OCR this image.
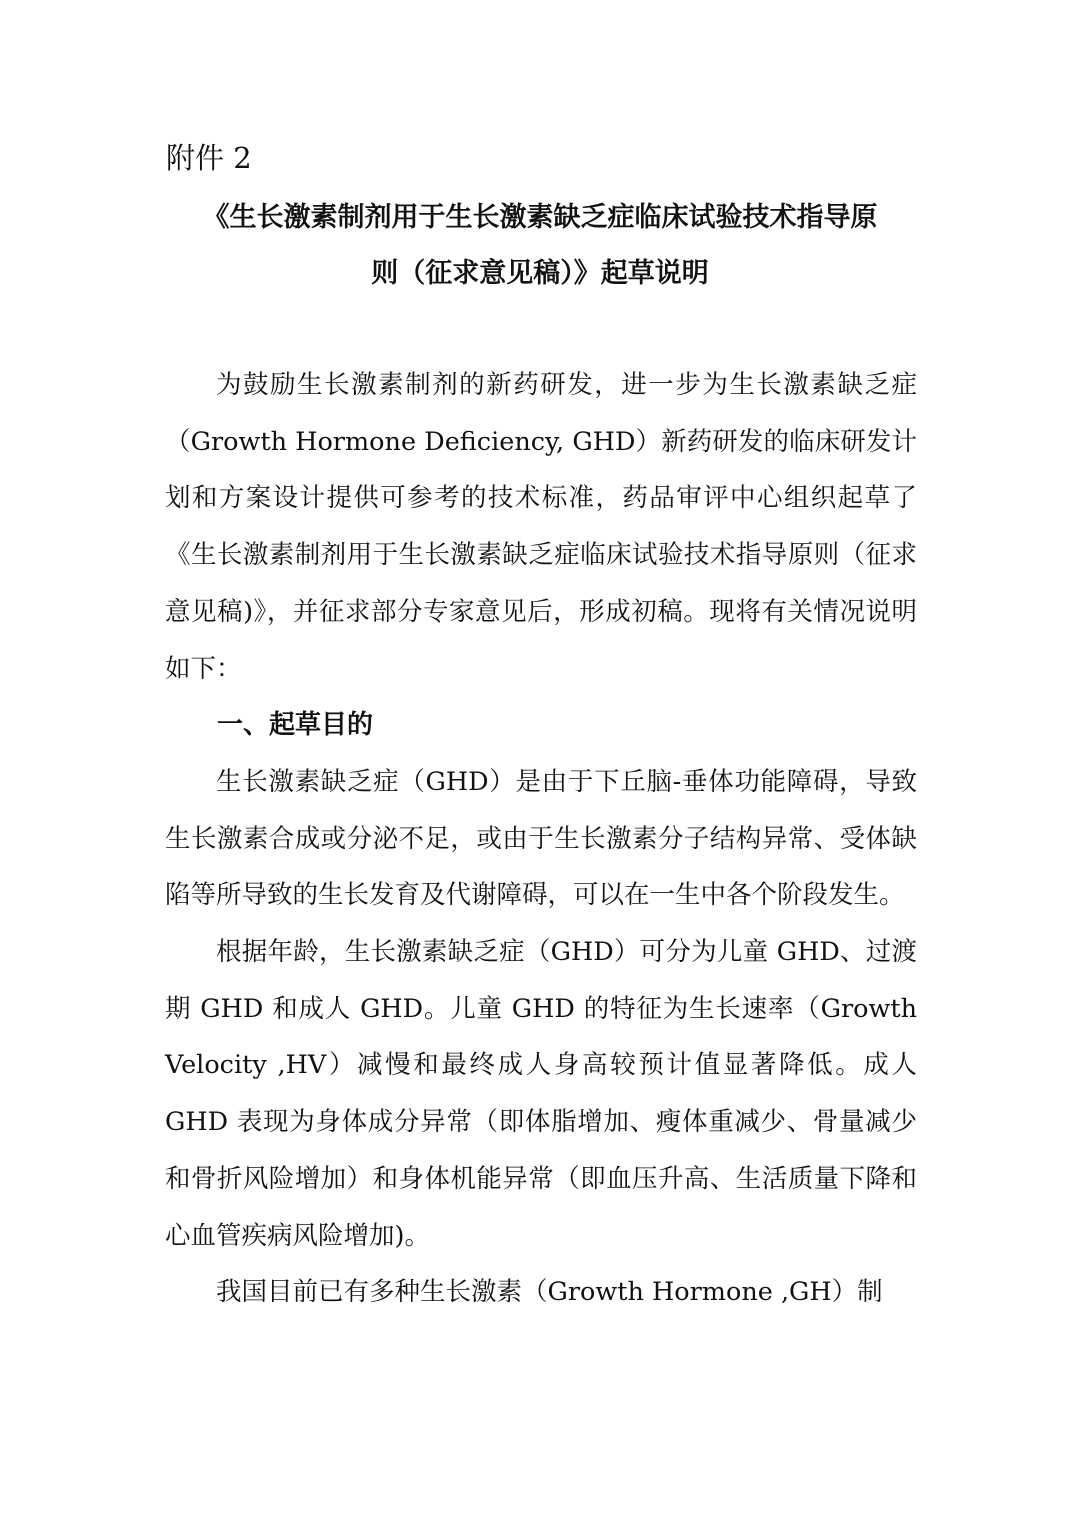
附件 2

《生长激素制剂用于生长激素缺乏症临床试验技术指导原
则（征求意见稿）》起草说明

为鼓励生长激素制剂的新药研发，进一步为生长激素缺乏症（Growth Hormone Deficiency, GHD）新药研发的临床研发计划和方案设计提供可参考的技术标准，药品审评中心组织起草了《生长激素制剂用于生长激素缺乏症临床试验技术指导原则（征求意见稿)》，并征求部分专家意见后，形成初稿。现将有关情况说明如下：

一、起草目的

生长激素缺乏症（GHD）是由于下丘脑-垂体功能障碍，导致生长激素合成或分泌不足，或由于生长激素分子结构异常、受体缺陷等所导致的生长发育及代谢障碍，可以在一生中各个阶段发生。

根据年龄，生长激素缺乏症（GHD）可分为儿童 GHD、过渡期 GHD 和成人 GHD。儿童 GHD 的特征为生长速率（Growth Velocity ,HV）减慢和最终成人身高较预计值显著降低。成人 GHD 表现为身体成分异常（即体脂增加、瘦体重减少、骨量减少和骨折风险增加）和身体机能异常（即血压升高、生活质量下降和心血管疾病风险增加)。

我国目前已有多种生长激素（Growth Hormone ,GH）制
